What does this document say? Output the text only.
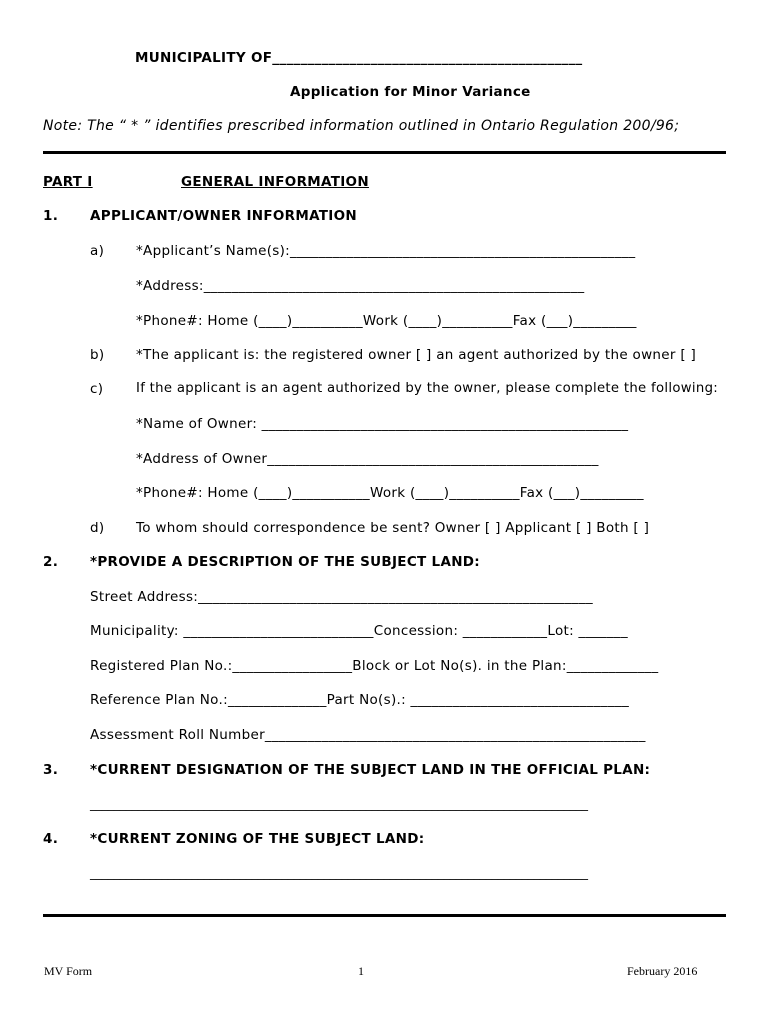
MUNICIPALITY OF____________________________________________
Application for Minor Variance
Note: The “ * ” identifies prescribed information outlined in Ontario Regulation 200/96;
PART I	GENERAL INFORMATION
1. APPLICANT/OWNER INFORMATION
a) *Applicant’s Name(s):_________________________________________________
*Address:______________________________________________________
*Phone#: Home (____)__________Work (____)__________Fax (___)_________
b) *The applicant is: the registered owner [ ] an agent authorized by the owner [ ]
c) If the applicant is an agent authorized by the owner, please complete the following:
*Name of Owner: ____________________________________________________
*Address of Owner_______________________________________________
*Phone#: Home (____)___________Work (____)__________Fax (___)_________
d) To whom should correspondence be sent? Owner [ ] Applicant [ ] Both [ ]
2. *PROVIDE A DESCRIPTION OF THE SUBJECT LAND:
Street Address:________________________________________________________
Municipality: ___________________________Concession: ____________Lot: _______
Registered Plan No.:_________________Block or Lot No(s). in the Plan:_____________
Reference Plan No.:______________Part No(s).: _______________________________
Assessment Roll Number______________________________________________________
3. *CURRENT DESIGNATION OF THE SUBJECT LAND IN THE OFFICIAL PLAN:
___________________________________________________________________________________
4. *CURRENT ZONING OF THE SUBJECT LAND:
___________________________________________________________________________________
MV Form	1	February 2016
